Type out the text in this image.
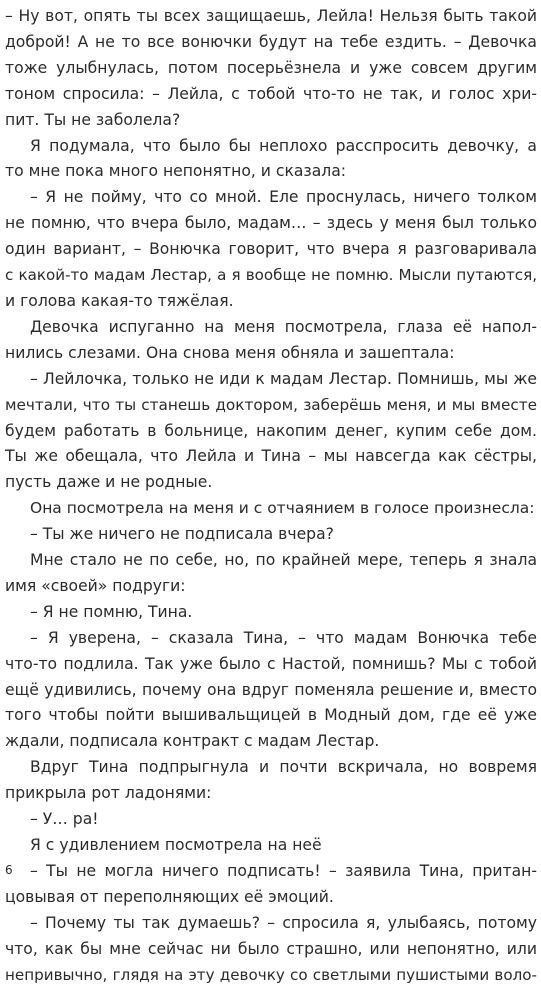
– Ну вот, опять ты всех защищаешь, Лейла! Нельзя быть такой
доброй! А не то все вонючки будут на тебе ездить. – Девочка
тоже улыбнулась, потом посерьёзнела и уже совсем другим
тоном спросила: – Лейла, с тобой что-то не так, и голос хри-
пит. Ты не заболела?
Я подумала, что было бы неплохо расспросить девочку, а
то мне пока много непонятно, и сказала:
– Я не пойму, что со мной. Еле проснулась, ничего толком
не помню, что вчера было, мадам… – здесь у меня был только
один вариант, – Вонючка говорит, что вчера я разговаривала
с какой-то мадам Лестар, а я вообще не помню. Мысли путаются,
и голова какая-то тяжёлая.
Девочка испуганно на меня посмотрела, глаза её напол-
нились слезами. Она снова меня обняла и зашептала:
– Лейлочка, только не иди к мадам Лестар. Помнишь, мы же
мечтали, что ты станешь доктором, заберёшь меня, и мы вместе
будем работать в больнице, накопим денег, купим себе дом.
Ты же обещала, что Лейла и Тина – мы навсегда как сёстры,
пусть даже и не родные.
Она посмотрела на меня и с отчаянием в голосе произнесла:
– Ты же ничего не подписала вчера?
Мне стало не по себе, но, по крайней мере, теперь я знала
имя «своей» подруги:
– Я не помню, Тина.
– Я уверена, – сказала Тина, – что мадам Вонючка тебе
что-то подлила. Так уже было с Настой, помнишь? Мы с тобой
ещё удивились, почему она вдруг поменяла решение и, вместо
того чтобы пойти вышивальщицей в Модный дом, где её уже
ждали, подписала контракт с мадам Лестар.
Вдруг Тина подпрыгнула и почти вскричала, но вовремя
прикрыла рот ладонями:
– У… ра!
Я с удивлением посмотрела на неё
– Ты не могла ничего подписать! – заявила Тина, притан-
цовывая от переполняющих её эмоций.
– Почему ты так думаешь? – спросила я, улыбаясь, потому
что, как бы мне сейчас ни было страшно, или непонятно, или
непривычно, глядя на эту девочку со светлыми пушистыми воло-
6
